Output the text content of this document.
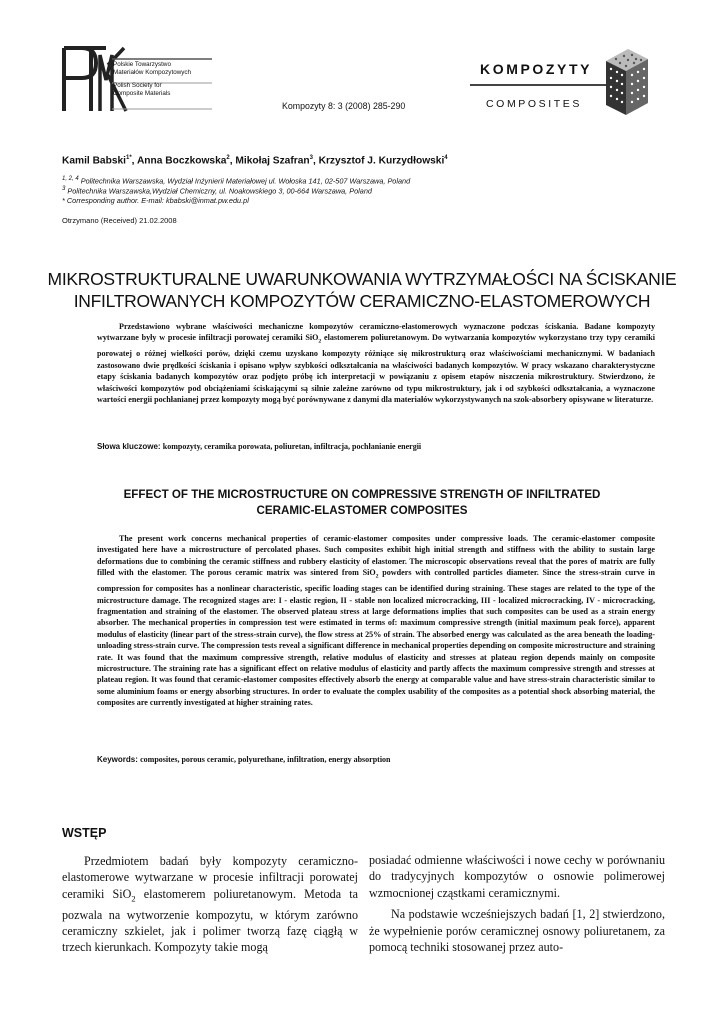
Polskie Towarzystwo
Materiałów Kompozytowych
Polish Society for
Composite Materials
Kompozyty 8: 3 (2008) 285-290
KOMPOZYTY
COMPOSITES
Kamil Babski$^{1*}$, Anna Boczkowska$^2$, Mikołaj Szafran$^3$, Krzysztof J. Kurzydłowski$^4$
$^{1, 2, 4}$ Politechnika Warszawska, Wydział Inżynierii Materiałowej ul. Wołoska 141, 02-507 Warszawa, Poland
$^3$ Politechnika Warszawska,Wydział Chemiczny, ul. Noakowskiego 3, 00-664 Warszawa, Poland
* Corresponding author. E-mail: kbabski@inmat.pw.edu.pl
Otrzymano (Received) 21.02.2008
MIKROSTRUKTURALNE UWARUNKOWANIA WYTRZYMAŁOŚCI NA ŚCISKANIE
INFILTROWANYCH KOMPOZYTÓW CERAMICZNO-ELASTOMEROWYCH
Przedstawiono wybrane właściwości mechaniczne kompozytów ceramiczno-elastomerowych wyznaczone podczas ściskania. Badane kompozyty wytwarzane były w procesie infiltracji porowatej ceramiki SiO$_2$ elastomerem poliuretanowym. Do wytwarzania kompozytów wykorzystano trzy typy ceramiki porowatej o różnej wielkości porów, dzięki czemu uzyskano kompozyty różniące się mikrostrukturą oraz właściwościami mechanicznymi. W badaniach zastosowano dwie prędkości ściskania i opisano wpływ szybkości odkształcania na właściwości badanych kompozytów. W pracy wskazano charakterystyczne etapy ściskania badanych kompozytów oraz podjęto próbę ich interpretacji w powiązaniu z opisem etapów niszczenia mikrostruktury. Stwierdzono, że właściwości kompozytów pod obciążeniami ściskającymi są silnie zależne zarówno od typu mikrostruktury, jak i od szybkości odkształcania, a wyznaczone wartości energii pochłanianej przez kompozyty mogą być porównywane z danymi dla materiałów wykorzystywanych na szok-absorbery opisywane w literaturze.
Słowa kluczowe: kompozyty, ceramika porowata, poliuretan, infiltracja, pochłanianie energii
EFFECT OF THE MICROSTRUCTURE ON COMPRESSIVE STRENGTH OF INFILTRATED
CERAMIC-ELASTOMER COMPOSITES
The present work concerns mechanical properties of ceramic-elastomer composites under compressive loads. The ceramic-elastomer composite investigated here have a microstructure of percolated phases. Such composites exhibit high initial strength and stiffness with the ability to sustain large deformations due to combining the ceramic stiffness and rubbery elasticity of elastomer. The microscopic observations reveal that the pores of matrix are fully filled with the elastomer. The porous ceramic matrix was sintered from SiO$_2$ powders with controlled particles diameter. Since the stress-strain curve in compression for composites has a nonlinear characteristic, specific loading stages can be identified during straining. These stages are related to the type of the microstructure damage. The recognized stages are: I - elastic region, II - stable non localized microcracking, III - localized microcracking, IV - microcracking, fragmentation and straining of the elastomer. The observed plateau stress at large deformations implies that such composites can be used as a strain energy absorber. The mechanical properties in compression test were estimated in terms of: maximum compressive strength (initial maximum peak force), apparent modulus of elasticity (linear part of the stress-strain curve), the flow stress at 25% of strain. The absorbed energy was calculated as the area beneath the loading-unloading stress-strain curve. The compression tests reveal a significant difference in mechanical properties depending on composite microstructure and straining rate. It was found that the maximum compressive strength, relative modulus of elasticity and stresses at plateau region depends mainly on composite microstructure. The straining rate has a significant effect on relative modulus of elasticity and partly affects the maximum compressive strength and stresses at plateau region. It was found that ceramic-elastomer composites effectively absorb the energy at comparable value and have stress-strain characteristic similar to some aluminium foams or energy absorbing structures. In order to evaluate the complex usability of the composites as a potential shock absorbing material, the composites are currently investigated at higher straining rates.
Keywords: composites, porous ceramic, polyurethane, infiltration, energy absorption
WSTĘP

Przedmiotem badań były kompozyty ceramiczno-elastomerowe wytwarzane w procesie infiltracji porowatej ceramiki SiO$_2$ elastomerem poliuretanowym. Metoda ta pozwala na wytworzenie kompozytu, w którym zarówno ceramiczny szkielet, jak i polimer tworzą fazę ciągłą w trzech kierunkach. Kompozyty takie mogą

posiadać odmienne właściwości i nowe cechy w porównaniu do tradycyjnych kompozytów o osnowie polimerowej wzmocnionej cząstkami ceramicznymi.

Na podstawie wcześniejszych badań [1, 2] stwierdzono, że wypełnienie porów ceramicznej osnowy poliuretanem, za pomocą techniki stosowanej przez auto-
